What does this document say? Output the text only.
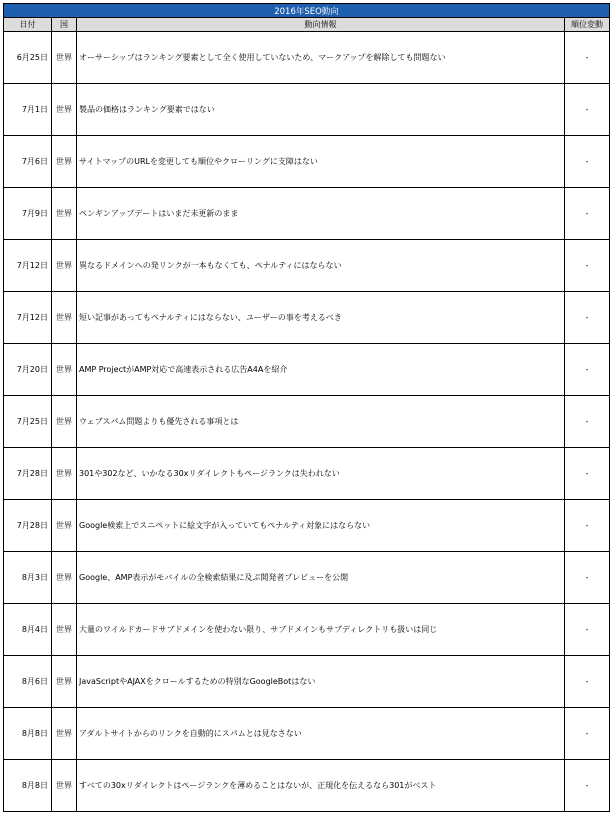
2016年SEO動向			
日付	国	動向情報	順位変動
6月25日	世界	オーサーシップはランキング要素として全く使用していないため、マークアップを解除しても問題ない	-
7月1日	世界	製品の価格はランキング要素ではない	-
7月6日	世界	サイトマップのURLを変更しても順位やクローリングに支障はない	-
7月9日	世界	ペンギンアップデートはいまだ未更新のまま	-
7月12日	世界	異なるドメインへの発リンクが一本もなくても、ペナルティにはならない	-
7月12日	世界	短い記事があってもペナルティにはならない、ユーザーの事を考えるべき	-
7月20日	世界	AMP ProjectがAMP対応で高速表示される広告A4Aを紹介	-
7月25日	世界	ウェブスパム問題よりも優先される事項とは	-
7月28日	世界	301や302など、いかなる30xリダイレクトもページランクは失われない	-
7月28日	世界	Google検索上でスニペットに絵文字が入っていてもペナルティ対象にはならない	-
8月3日	世界	Google、AMP表示がモバイルの全検索結果に及ぶ開発者プレビューを公開	-
8月4日	世界	大量のワイルドカードサブドメインを使わない限り、サブドメインもサブディレクトリも扱いは同じ	-
8月6日	世界	JavaScriptやAJAXをクロールするための特別なGoogleBotはない	-
8月8日	世界	アダルトサイトからのリンクを自動的にスパムとは見なさない	-
8月8日	世界	すべての30xリダイレクトはページランクを薄めることはないが、正規化を伝えるなら301がベスト	-
